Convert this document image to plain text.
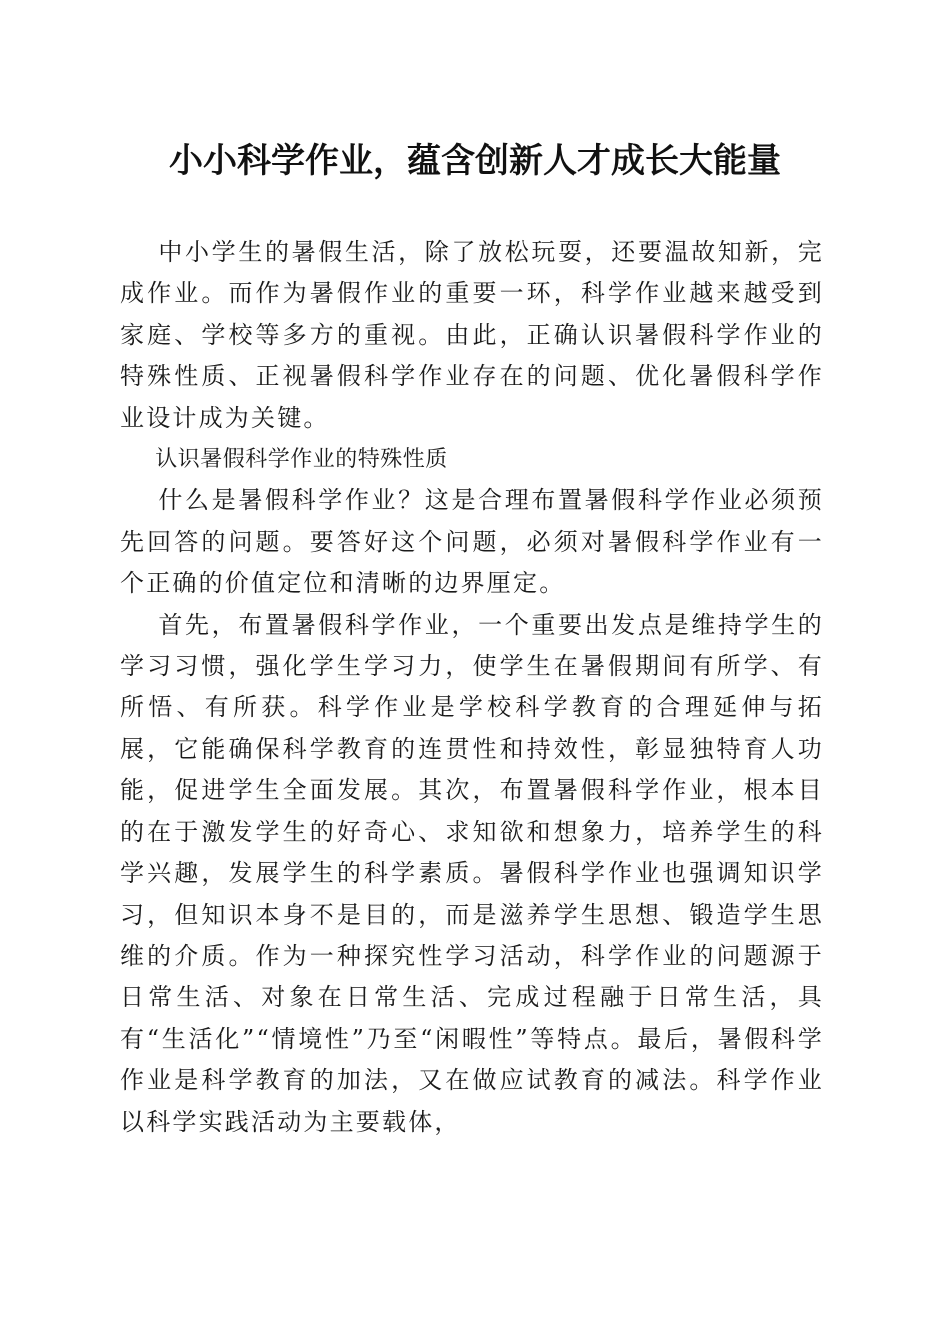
小小科学作业，蕴含创新人才成长大能量

中小学生的暑假生活，除了放松玩耍，还要温故知新，完成作业。而作为暑假作业的重要一环，科学作业越来越受到家庭、学校等多方的重视。由此，正确认识暑假科学作业的特殊性质、正视暑假科学作业存在的问题、优化暑假科学作业设计成为关键。

认识暑假科学作业的特殊性质

什么是暑假科学作业？这是合理布置暑假科学作业必须预先回答的问题。要答好这个问题，必须对暑假科学作业有一个正确的价值定位和清晰的边界厘定。

首先，布置暑假科学作业，一个重要出发点是维持学生的学习习惯，强化学生学习力，使学生在暑假期间有所学、有所悟、有所获。科学作业是学校科学教育的合理延伸与拓展，它能确保科学教育的连贯性和持效性，彰显独特育人功能，促进学生全面发展。其次，布置暑假科学作业，根本目的在于激发学生的好奇心、求知欲和想象力，培养学生的科学兴趣，发展学生的科学素质。暑假科学作业也强调知识学习，但知识本身不是目的，而是滋养学生思想、锻造学生思维的介质。作为一种探究性学习活动，科学作业的问题源于日常生活、对象在日常生活、完成过程融于日常生活，具有“生活化”“情境性”乃至“闲暇性”等特点。最后，暑假科学作业是科学教育的加法，又在做应试教育的减法。科学作业以科学实践活动为主要载体，
